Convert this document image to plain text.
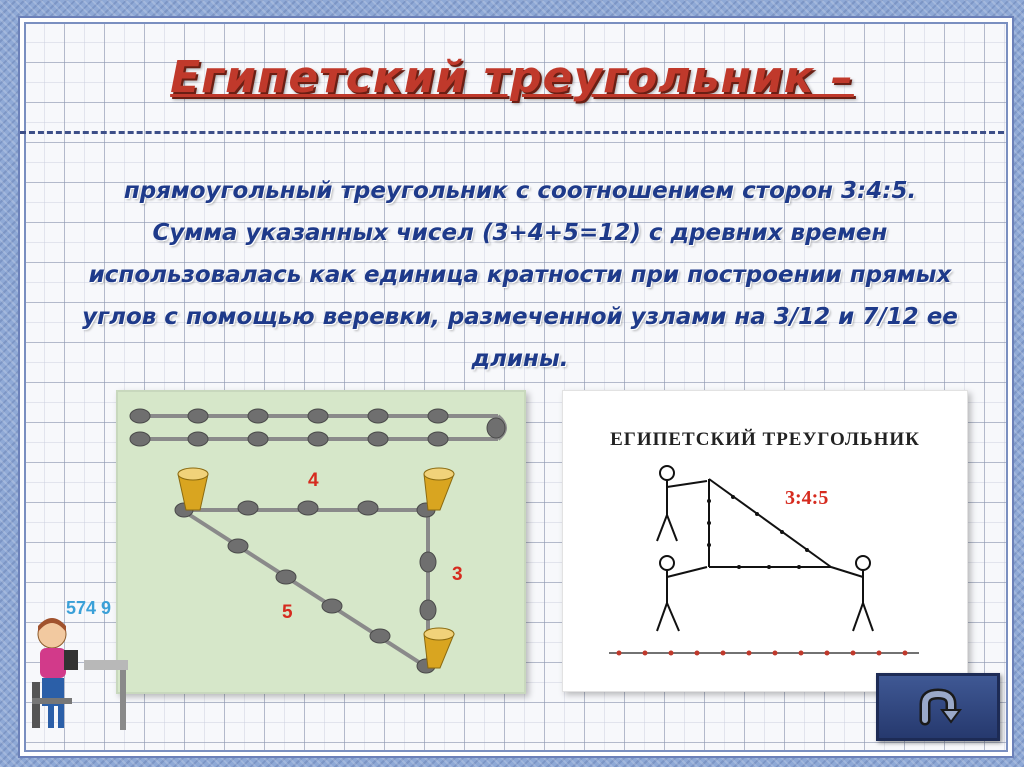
Египетский треугольник –
прямоугольный треугольник с соотношением сторон 3:4:5. Сумма указанных чисел (3+4+5=12) с древних времен использовалась как единица кратности при построении прямых углов с помощью веревки, размеченной узлами на 3/12 и 7/12 ее длины.
4
3
5
ЕГИПЕТСКИЙ ТРЕУГОЛЬНИК
3:4:5
574 9
